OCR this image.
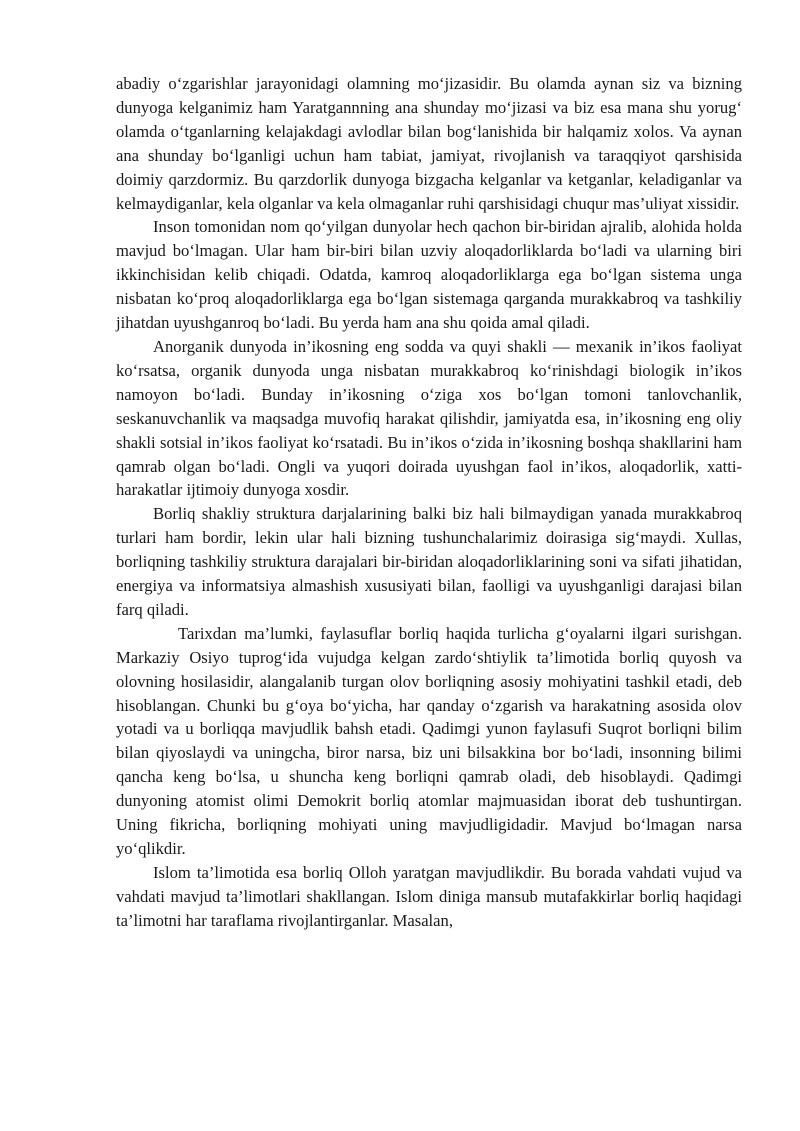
abadiy o‘zgarishlar jarayonidagi olamning mo‘jizasidir. Bu olamda aynan siz va bizning dunyoga kelganimiz ham Yaratgannning ana shunday mo‘jizasi va biz esa mana shu yorug‘ olamda o‘tganlarning kelajakdagi avlodlar bilan bog‘lanishida bir halqamiz xolos. Va aynan ana shunday bo‘lganligi uchun ham tabiat, jamiyat, rivojlanish va taraqqiyot qarshisida doimiy qarzdormiz. Bu qarzdorlik dunyoga bizgacha kelganlar va ketganlar, keladiganlar va kelmaydiganlar, kela olganlar va kela olmaganlar ruhi qarshisidagi chuqur mas’uliyat xissidir.

Inson tomonidan nom qo‘yilgan dunyolar hech qachon bir-biridan ajralib, alohida holda mavjud bo‘lmagan. Ular ham bir-biri bilan uzviy aloqadorliklarda bo‘ladi va ularning biri ikkinchisidan kelib chiqadi. Odatda, kamroq aloqadorliklarga ega bo‘lgan sistema unga nisbatan ko‘proq aloqadorliklarga ega bo‘lgan sistemaga qarganda murakkabroq va tashkiliy jihatdan uyushganroq bo‘ladi. Bu yerda ham ana shu qoida amal qiladi.

Anorganik dunyoda in’ikosning eng sodda va quyi shakli — mexanik in’ikos faoliyat ko‘rsatsa, organik dunyoda unga nisbatan murakkabroq ko‘rinishdagi biologik in’ikos namoyon bo‘ladi. Bunday in’ikosning o‘ziga xos bo‘lgan tomoni tanlovchanlik, seskanuvchanlik va maqsadga muvofiq harakat qilishdir, jamiyatda esa, in’ikosning eng oliy shakli sotsial in’ikos faoliyat ko‘rsatadi. Bu in’ikos o‘zida in’ikosning boshqa shakllarini ham qamrab olgan bo‘ladi. Ongli va yuqori doirada uyushgan faol in’ikos, aloqadorlik, xatti-harakatlar ijtimoiy dunyoga xosdir.

Borliq shakliy struktura darjalarining balki biz hali bilmaydigan yanada murakkabroq turlari ham bordir, lekin ular hali bizning tushunchalarimiz doirasiga sig‘maydi. Xullas, borliqning tashkiliy struktura darajalari bir-biridan aloqadorliklarining soni va sifati jihatidan, energiya va informatsiya almashish xususiyati bilan, faolligi va uyushganligi darajasi bilan farq qiladi.

Tarixdan ma’lumki, faylasuflar borliq haqida turlicha g‘oyalarni ilgari surishgan. Markaziy Osiyo tuprog‘ida vujudga kelgan zardo‘shtiylik ta’limotida borliq quyosh va olovning hosilasidir, alangalanib turgan olov borliqning asosiy mohiyatini tashkil etadi, deb hisoblangan. Chunki bu g‘oya bo‘yicha, har qanday o‘zgarish va harakatning asosida olov yotadi va u borliqqa mavjudlik bahsh etadi. Qadimgi yunon faylasufi Suqrot borliqni bilim bilan qiyoslaydi va uningcha, biror narsa, biz uni bilsakkina bor bo‘ladi, insonning bilimi qancha keng bo‘lsa, u shuncha keng borliqni qamrab oladi, deb hisoblaydi. Qadimgi dunyoning atomist olimi Demokrit borliq atomlar majmuasidan iborat deb tushuntirgan. Uning fikricha, borliqning mohiyati uning mavjudligidadir. Mavjud bo‘lmagan narsa yo‘qlikdir.

Islom ta’limotida esa borliq Olloh yaratgan mavjudlikdir. Bu borada vahdati vujud va vahdati mavjud ta’limotlari shakllangan. Islom diniga mansub mutafakkirlar borliq haqidagi ta’limotni har taraflama rivojlantirganlar. Masalan,
